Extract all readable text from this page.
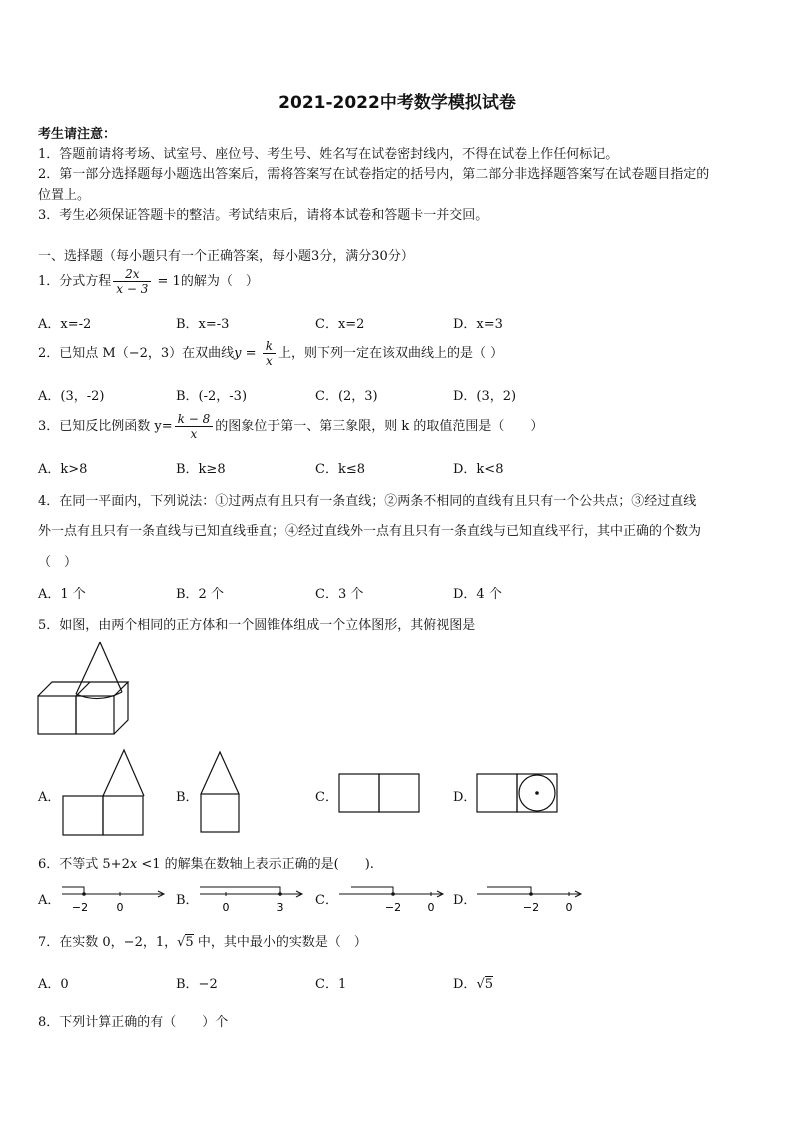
2021-2022中考数学模拟试卷
考生请注意：
1．答题前请将考场、试室号、座位号、考生号、姓名写在试卷密封线内，不得在试卷上作任何标记。
2．第一部分选择题每小题选出答案后，需将答案写在试卷指定的括号内，第二部分非选择题答案写在试卷题目指定的
位置上。
3．考生必须保证答题卡的整洁。考试结束后，请将本试卷和答题卡一并交回。
一、选择题（每小题只有一个正确答案，每小题3分，满分30分）
1．分式方程 $\frac{2x}{x - 3} = 1$的解为（　）
A．x=-2	B．x=-3	C．x=2	D．x=3
2．已知点 M（−2，3）在双曲线$y = \frac{k}{x}$ 上，则下列一定在该双曲线上的是（ ）
A．(3，-2)	B．(-2，-3)	C．(2，3)	D．(3，2)
3．已知反比例函数 $y= \frac{k - 8}{x}$ 的图象位于第一、第三象限，则 k 的取值范围是（　　）
A．k>8	B．k≥8	C．k≤8	D．k<8
4．在同一平面内，下列说法：①过两点有且只有一条直线；②两条不相同的直线有且只有一个公共点；③经过直线
外一点有且只有一条直线与已知直线垂直；④经过直线外一点有且只有一条直线与已知直线平行，其中正确的个数为
（　）
A．1 个	B．2 个	C．3 个	D．4 个
5．如图，由两个相同的正方体和一个圆锥体组成一个立体图形，其俯视图是
A．	B．	C．	D．
6．不等式 5+2x <1 的解集在数轴上表示正确的是(　　).
A． −2	0	B． 0	3 C．	−2 0 D．	−2 0
7．在实数 0，−2，1，√5 中，其中最小的实数是（　）
A．0	B．−2	C．1	D．√5
8．下列计算正确的有（　　）个
